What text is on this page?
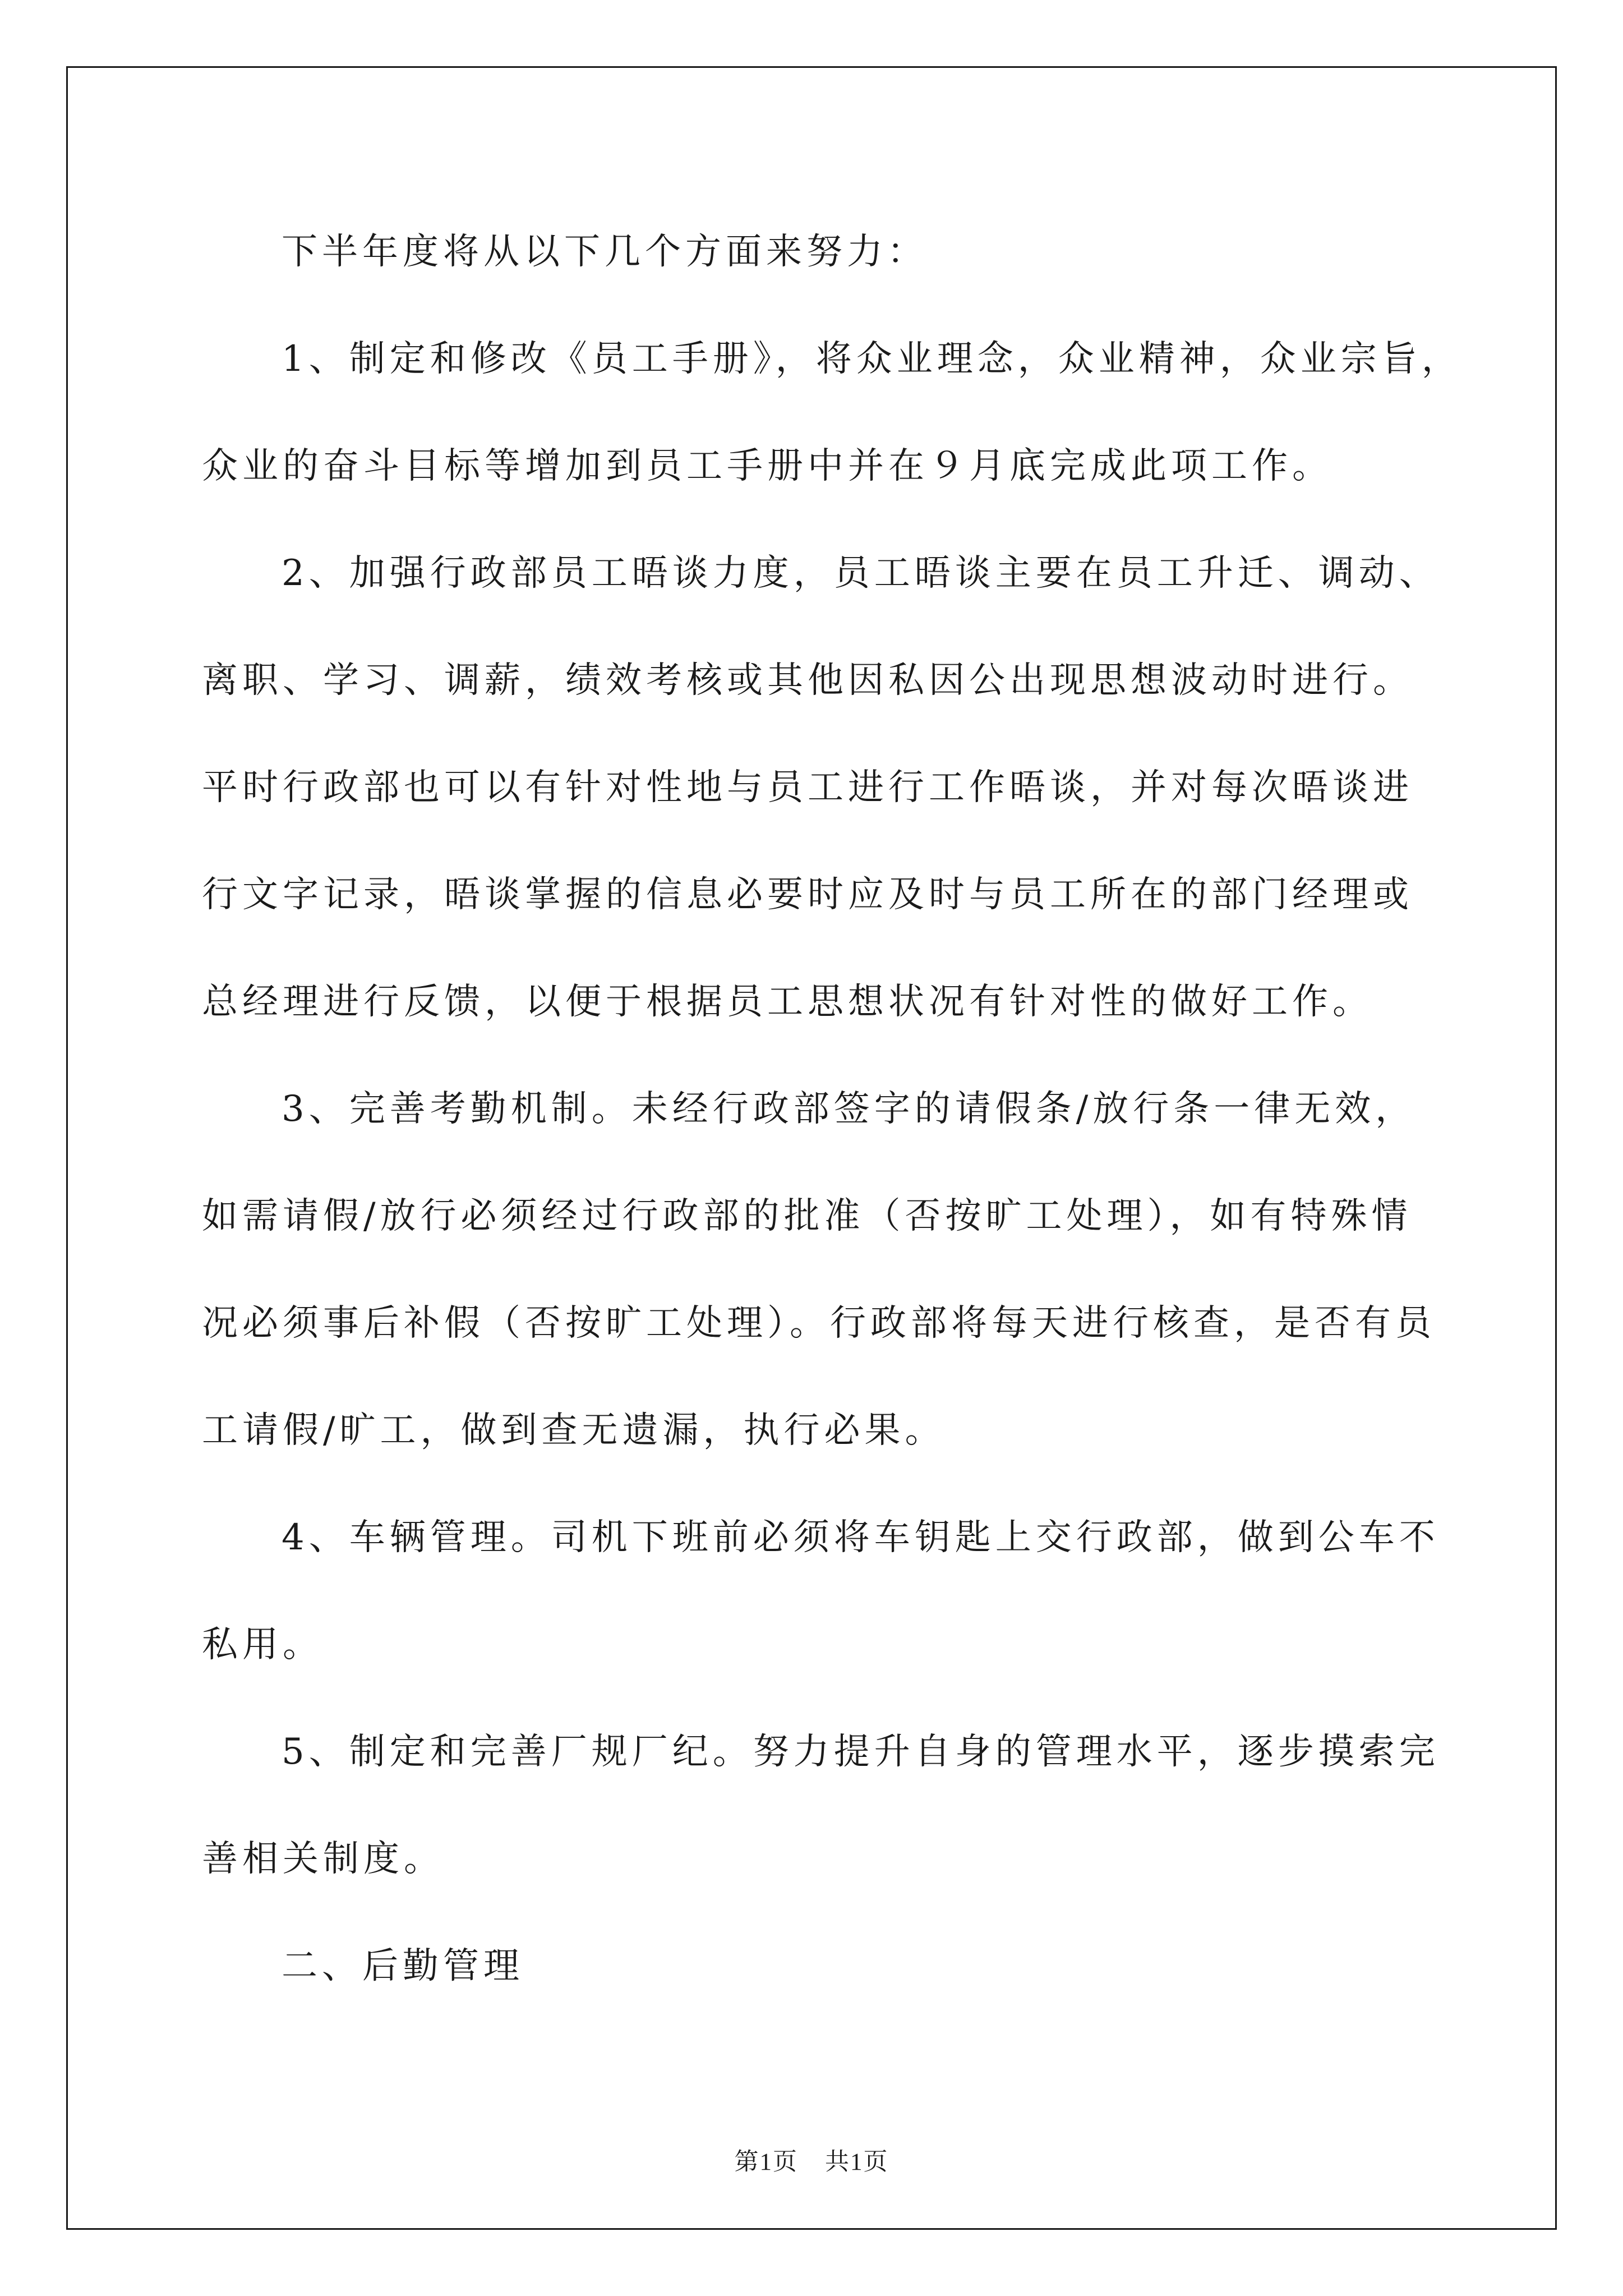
下半年度将从以下几个方面来努力：
1、制定和修改《员工手册》，将众业理念，众业精神，众业宗旨，
众业的奋斗目标等增加到员工手册中并在９月底完成此项工作。
2、加强行政部员工晤谈力度，员工晤谈主要在员工升迁、调动、
离职、学习、调薪，绩效考核或其他因私因公出现思想波动时进行。
平时行政部也可以有针对性地与员工进行工作晤谈，并对每次晤谈进
行文字记录，晤谈掌握的信息必要时应及时与员工所在的部门经理或
总经理进行反馈，以便于根据员工思想状况有针对性的做好工作。
3、完善考勤机制。未经行政部签字的请假条/放行条一律无效，
如需请假/放行必须经过行政部的批准（否按旷工处理），如有特殊情
况必须事后补假（否按旷工处理）。行政部将每天进行核查，是否有员
工请假/旷工，做到查无遗漏，执行必果。
4、车辆管理。司机下班前必须将车钥匙上交行政部，做到公车不
私用。
5、制定和完善厂规厂纪。努力提升自身的管理水平，逐步摸索完
善相关制度。
二、后勤管理
第1页 共1页
